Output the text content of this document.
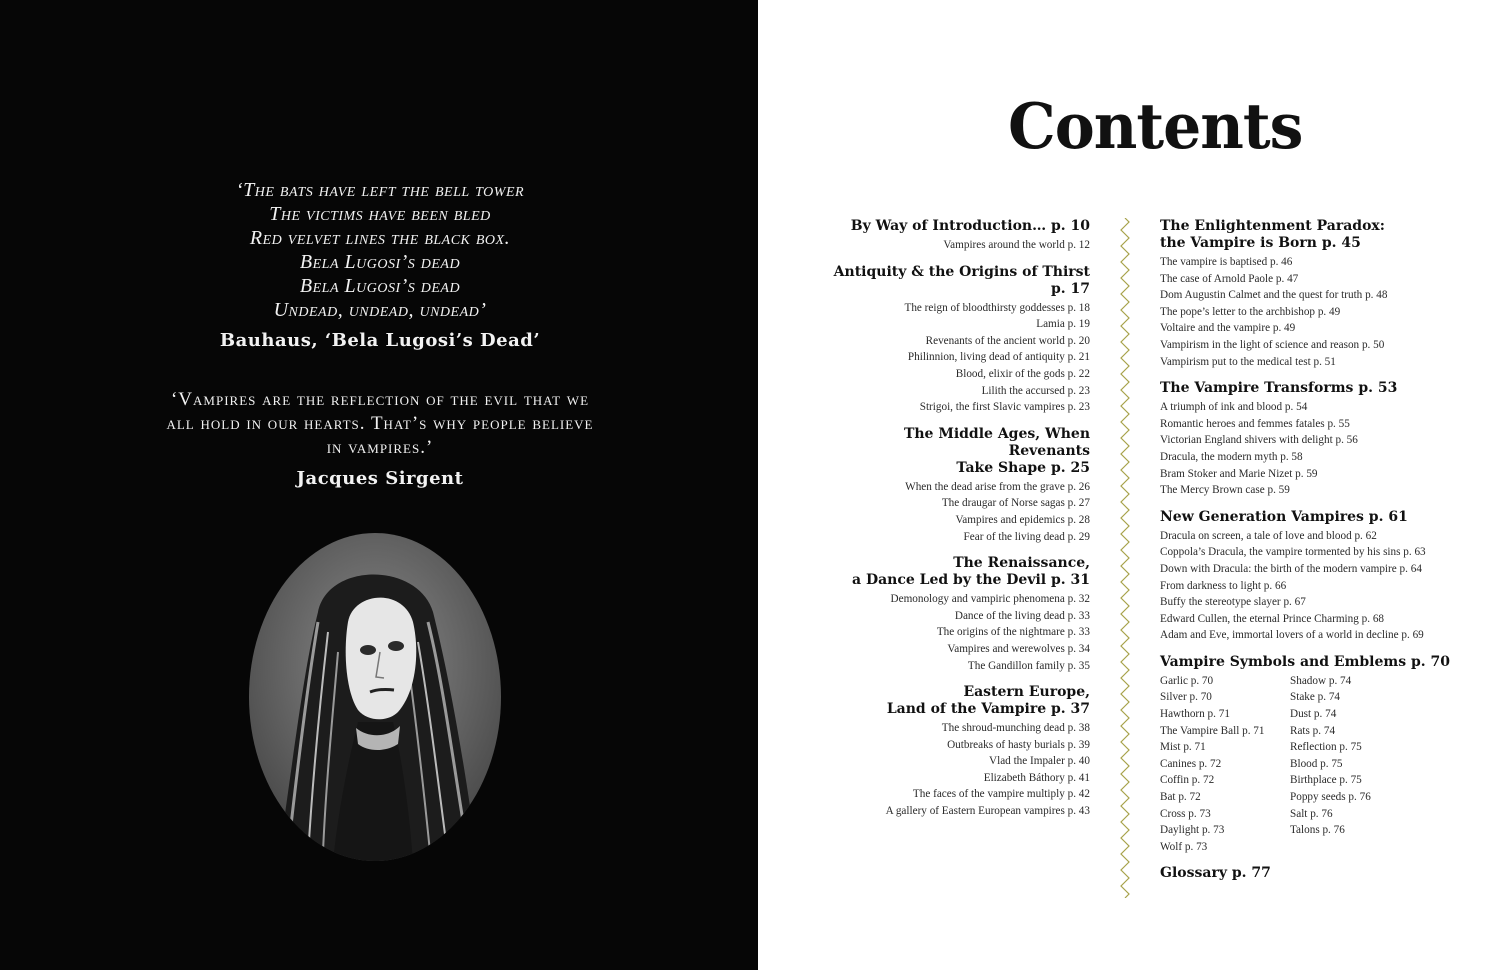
‘The bats have left the bell tower
The victims have been bled
Red velvet lines the black box.
Bela Lugosi’s dead
Bela Lugosi’s dead
Undead, undead, undead’
Bauhaus, ‘Bela Lugosi’s Dead’
‘Vampires are the reflection of the evil that we
all hold in our hearts. That’s why people believe
in vampires.’
Jacques Sirgent
Contents
By Way of Introduction… p. 10
Vampires around the world p. 12
Antiquity & the Origins of Thirst p. 17
The reign of bloodthirsty goddesses p. 18
Lamia p. 19
Revenants of the ancient world p. 20
Philinnion, living dead of antiquity p. 21
Blood, elixir of the gods p. 22
Lilith the accursed p. 23
Strigoi, the first Slavic vampires p. 23
The Middle Ages, When Revenants
Take Shape p. 25
When the dead arise from the grave p. 26
The draugar of Norse sagas p. 27
Vampires and epidemics p. 28
Fear of the living dead p. 29
The Renaissance,
a Dance Led by the Devil p. 31
Demonology and vampiric phenomena p. 32
Dance of the living dead p. 33
The origins of the nightmare p. 33
Vampires and werewolves p. 34
The Gandillon family p. 35
Eastern Europe,
Land of the Vampire p. 37
The shroud-munching dead p. 38
Outbreaks of hasty burials p. 39
Vlad the Impaler p. 40
Elizabeth Báthory p. 41
The faces of the vampire multiply p. 42
A gallery of Eastern European vampires p. 43
The Enlightenment Paradox:
the Vampire is Born p. 45
The vampire is baptised p. 46
The case of Arnold Paole p. 47
Dom Augustin Calmet and the quest for truth p. 48
The pope’s letter to the archbishop p. 49
Voltaire and the vampire p. 49
Vampirism in the light of science and reason p. 50
Vampirism put to the medical test p. 51
The Vampire Transforms p. 53
A triumph of ink and blood p. 54
Romantic heroes and femmes fatales p. 55
Victorian England shivers with delight p. 56
Dracula, the modern myth p. 58
Bram Stoker and Marie Nizet p. 59
The Mercy Brown case p. 59
New Generation Vampires p. 61
Dracula on screen, a tale of love and blood p. 62
Coppola’s Dracula, the vampire tormented by his sins p. 63
Down with Dracula: the birth of the modern vampire p. 64
From darkness to light p. 66
Buffy the stereotype slayer p. 67
Edward Cullen, the eternal Prince Charming p. 68
Adam and Eve, immortal lovers of a world in decline p. 69
Vampire Symbols and Emblems p. 70
Garlic p. 70
Silver p. 70
Hawthorn p. 71
The Vampire Ball p. 71
Mist p. 71
Canines p. 72
Coffin p. 72
Bat p. 72
Cross p. 73
Daylight p. 73
Wolf p. 73
Shadow p. 74
Stake p. 74
Dust p. 74
Rats p. 74
Reflection p. 75
Blood p. 75
Birthplace p. 75
Poppy seeds p. 76
Salt p. 76
Talons p. 76
Glossary p. 77
